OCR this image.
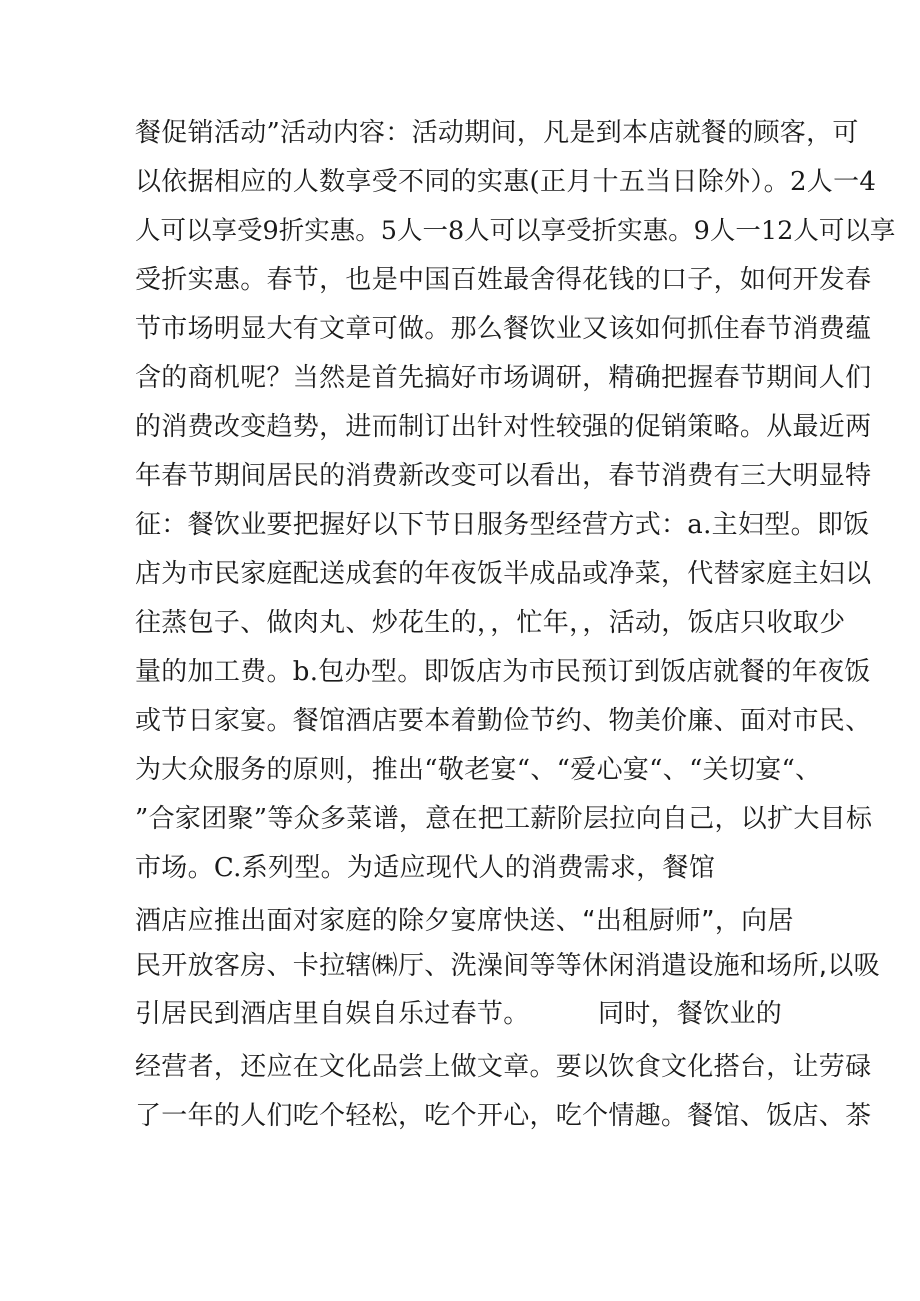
餐促销活动”活动内容：活动期间，凡是到本店就餐的顾客，可
以依据相应的人数享受不同的实惠(正月十五当日除外）。2人一4
人可以享受9折实惠。5人一8人可以享受折实惠。9人一12人可以享
受折实惠。春节，也是中国百姓最舍得花钱的口子，如何开发春
节市场明显大有文章可做。那么餐饮业又该如何抓住春节消费蕴
含的商机呢？当然是首先搞好市场调研，精确把握春节期间人们
的消费改变趋势，进而制订出针对性较强的促销策略。从最近两
年春节期间居民的消费新改变可以看出，春节消费有三大明显特
征：餐饮业要把握好以下节日服务型经营方式：a.主妇型。即饭
店为市民家庭配送成套的年夜饭半成品或净菜，代替家庭主妇以
往蒸包子、做肉丸、炒花生的，，忙年，，活动，饭店只收取少
量的加工费。b.包办型。即饭店为市民预订到饭店就餐的年夜饭
或节日家宴。餐馆酒店要本着勤俭节约、物美价廉、面对市民、
为大众服务的原则，推出“敬老宴“、“爱心宴“、“关切宴“、
”合家团聚”等众多菜谱，意在把工薪阶层拉向自己，以扩大目标
市场。C.系列型。为适应现代人的消费需求，餐馆
酒店应推出面对家庭的除夕宴席快送、“出租厨师”，向居
民开放客房、卡拉辖㈱厅、洗澡间等等休闲消遣设施和场所,以吸
引居民到酒店里自娱自乐过春节。	同时，餐饮业的
经营者，还应在文化品尝上做文章。要以饮食文化搭台，让劳碌
了一年的人们吃个轻松，吃个开心，吃个情趣。餐馆、饭店、茶
